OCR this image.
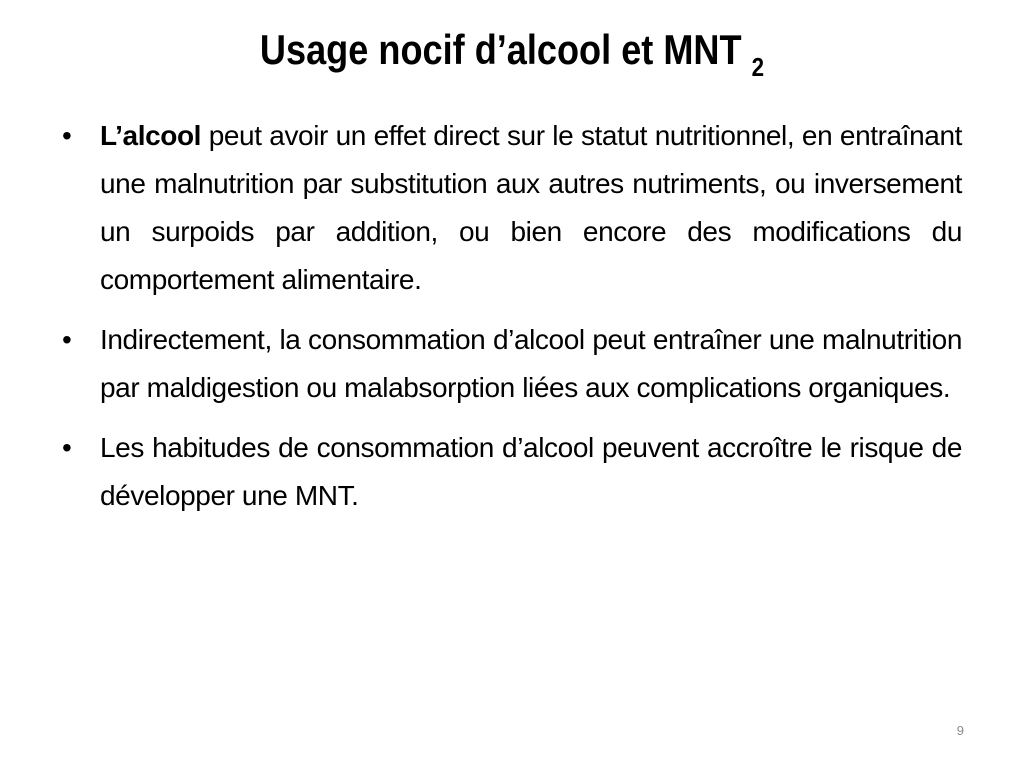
Usage nocif d’alcool et MNT $_2$
•	L’alcool peut avoir un effet direct sur le statut nutritionnel, en entraînant une malnutrition par substitution aux autres nutriments, ou inversement un surpoids par addition, ou bien encore des modifications du comportement alimentaire.
•	Indirectement, la consommation d’alcool peut entraîner une malnutrition par maldigestion ou malabsorption liées aux complications organiques.
•	Les habitudes de consommation d’alcool peuvent accroître le risque de développer une MNT.
9
